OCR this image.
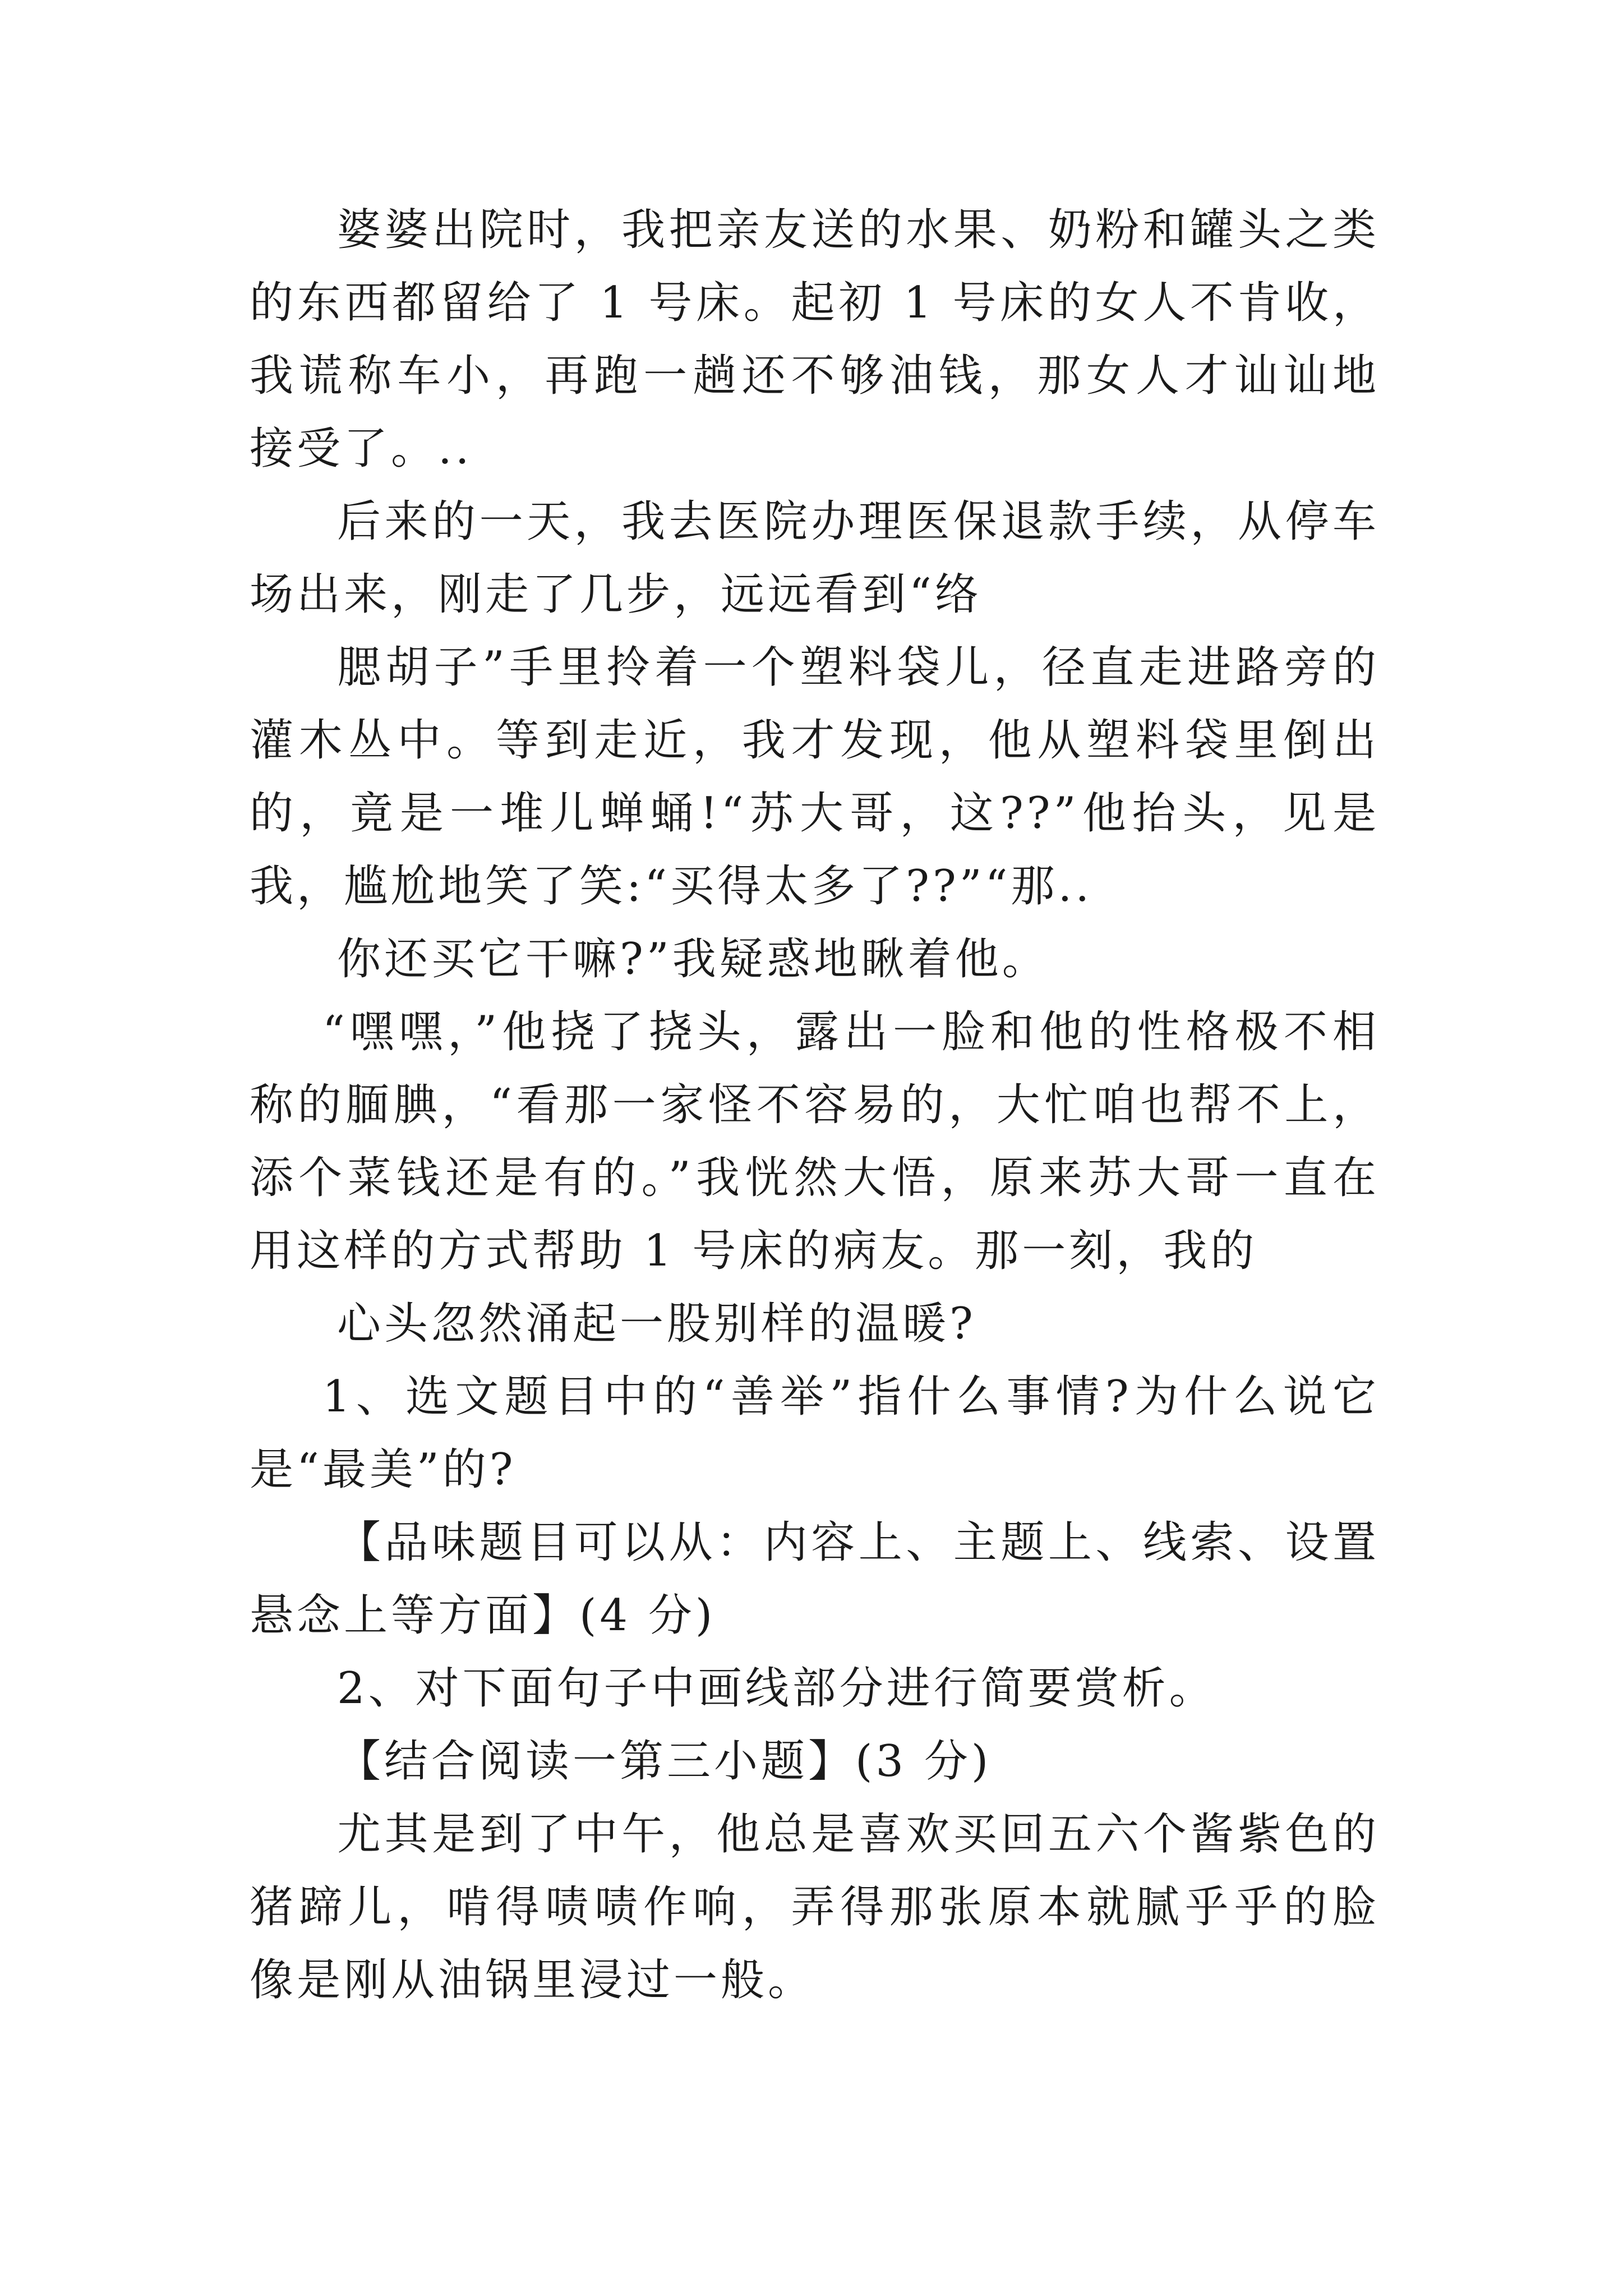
婆婆出院时，我把亲友送的水果、奶粉和罐头之类的东西都留给了 1 号床。起初 1 号床的女人不肯收，我谎称车小，再跑一趟还不够油钱，那女人才讪讪地接受了。..

后来的一天，我去医院办理医保退款手续，从停车场出来，刚走了几步，远远看到“络

腮胡子”手里拎着一个塑料袋儿，径直走进路旁的灌木丛中。等到走近，我才发现，他从塑料袋里倒出的，竟是一堆儿蝉蛹!“苏大哥，这??”他抬头，见是我，尴尬地笑了笑:“买得太多了??”“那..

你还买它干嘛?”我疑惑地瞅着他。

“嘿嘿，”他挠了挠头，露出一脸和他的性格极不相称的腼腆，“看那一家怪不容易的，大忙咱也帮不上，添个菜钱还是有的。”我恍然大悟，原来苏大哥一直在用这样的方式帮助 1 号床的病友。那一刻，我的

心头忽然涌起一股别样的温暖?

1、选文题目中的“善举”指什么事情?为什么说它是“最美”的?

【品味题目可以从：内容上、主题上、线索、设置悬念上等方面】(4 分)

2、对下面句子中画线部分进行简要赏析。

【结合阅读一第三小题】(3 分)

尤其是到了中午，他总是喜欢买回五六个酱紫色的猪蹄儿，啃得啧啧作响，弄得那张原本就腻乎乎的脸像是刚从油锅里浸过一般。
